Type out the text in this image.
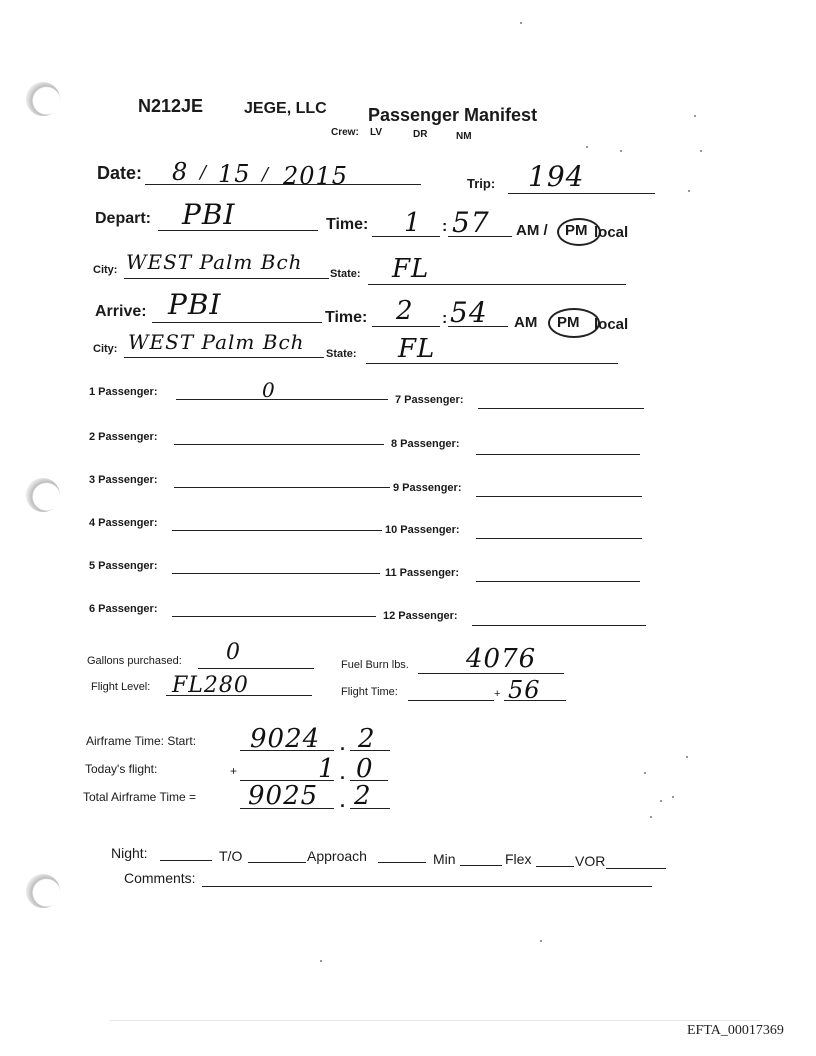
N212JE	JEGE, LLC Passenger Manifest
Crew: LV	DR	NM
Date: 8 / 15 / 2015	Trip: 194
Depart: PBI	Time: 1 : 57 AM / PM local
City: WEST Palm Bch State: FL
Arrive: PBI	Time: 2 : 54 AM PM local
City: WEST Palm Bch State: FL
1 Passenger:	0
2 Passenger:
3 Passenger:
4 Passenger:
5 Passenger:
6 Passenger:
7 Passenger:
8 Passenger:
9 Passenger:
10 Passenger:
11 Passenger:
12 Passenger:
Gallons purchased: 0	Fuel Burn lbs. 4076
Flight Level: FL280	Flight Time:	+ 56
Airframe Time: Start: 9024 . 2
Today's flight:	+	1 . 0
Total Airframe Time = 9025 . 2
Night:	T/O	Approach	Min	Flex	VOR
Comments:
EFTA_00017369
